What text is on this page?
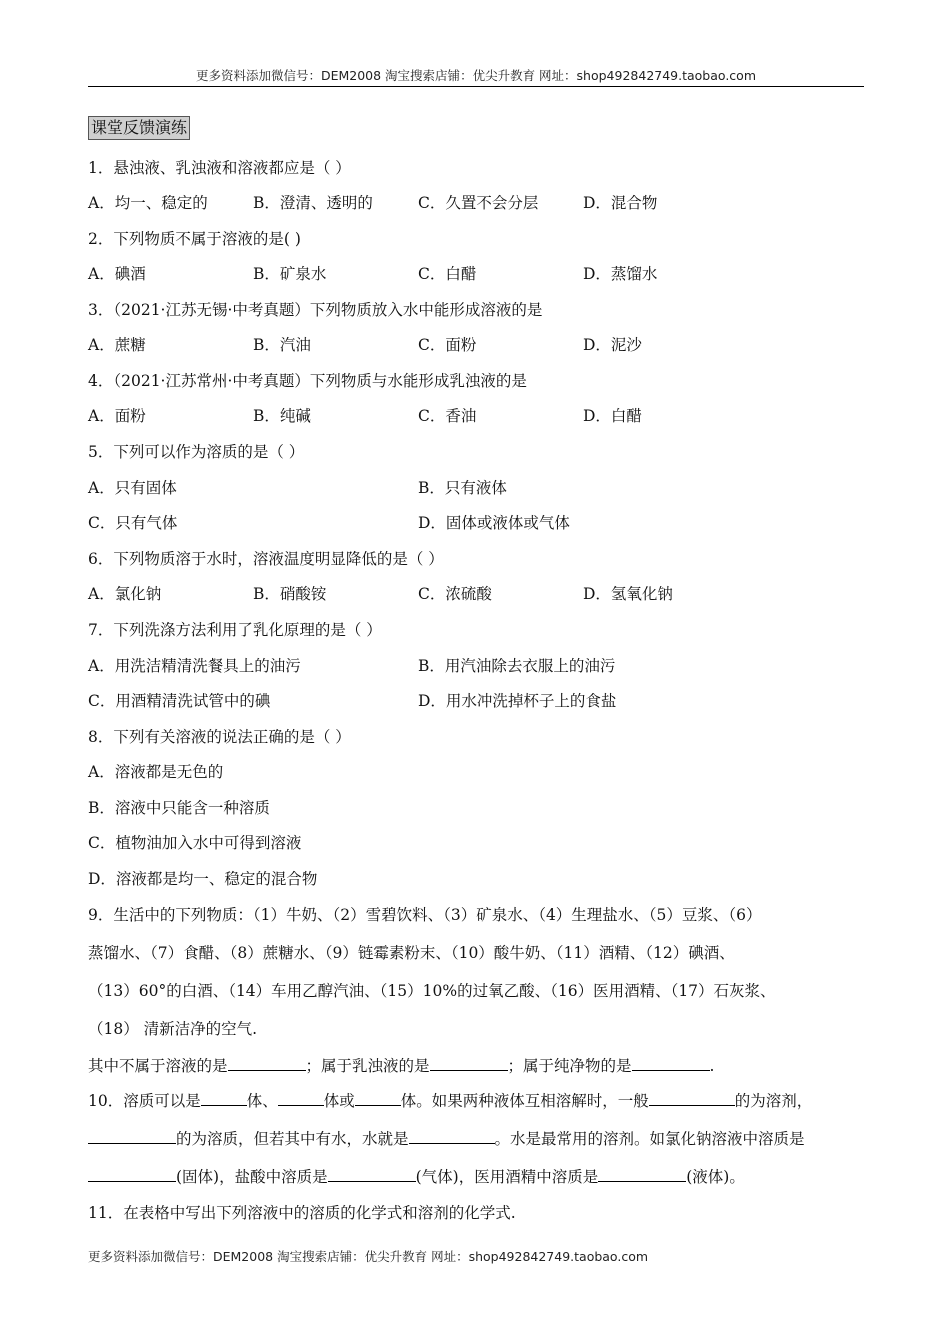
更多资料添加微信号：DEM2008 淘宝搜索店铺：优尖升教育 网址：shop492842749.taobao.com
课堂反馈演练
1．悬浊液、乳浊液和溶液都应是（ ）
A．均一、稳定的	B．澄清、透明的	C．久置不会分层	D．混合物
2．下列物质不属于溶液的是( )
A．碘酒	B．矿泉水	C．白醋	D．蒸馏水
3．（2021·江苏无锡·中考真题）下列物质放入水中能形成溶液的是
A．蔗糖	B．汽油	C．面粉	D．泥沙
4．（2021·江苏常州·中考真题）下列物质与水能形成乳浊液的是
A．面粉	B．纯碱	C．香油	D．白醋
5．下列可以作为溶质的是（ ）
A．只有固体	B．只有液体
C．只有气体	D．固体或液体或气体
6．下列物质溶于水时，溶液温度明显降低的是（ ）
A．氯化钠	B．硝酸铵	C．浓硫酸	D．氢氧化钠
7．下列洗涤方法利用了乳化原理的是（ ）
A．用洗洁精清洗餐具上的油污	B．用汽油除去衣服上的油污
C．用酒精清洗试管中的碘	D．用水冲洗掉杯子上的食盐
8．下列有关溶液的说法正确的是（ ）
A．溶液都是无色的
B．溶液中只能含一种溶质
C．植物油加入水中可得到溶液
D．溶液都是均一、稳定的混合物
9．生活中的下列物质：（1）牛奶、（2）雪碧饮料、（3）矿泉水、（4）生理盐水、（5）豆浆、（6）
蒸馏水、（7）食醋、（8）蔗糖水、（9）链霉素粉末、（10）酸牛奶、（11）酒精、（12）碘酒、
（13）60°的白酒、（14）车用乙醇汽油、（15）10%的过氧乙酸、（16）医用酒精、（17）石灰浆、
（18） 清新洁净的空气.
其中不属于溶液的是	；属于乳浊液的是	；属于纯净物的是	.
10．溶质可以是	体、	体或	体。如果两种液体互相溶解时，一般	的为溶剂，
的为溶质，但若其中有水，水就是	。水是最常用的溶剂。如氯化钠溶液中溶质是
(固体)，盐酸中溶质是	(气体)，医用酒精中溶质是	(液体)。
11．在表格中写出下列溶液中的溶质的化学式和溶剂的化学式.
更多资料添加微信号：DEM2008 淘宝搜索店铺：优尖升教育 网址：shop492842749.taobao.com
